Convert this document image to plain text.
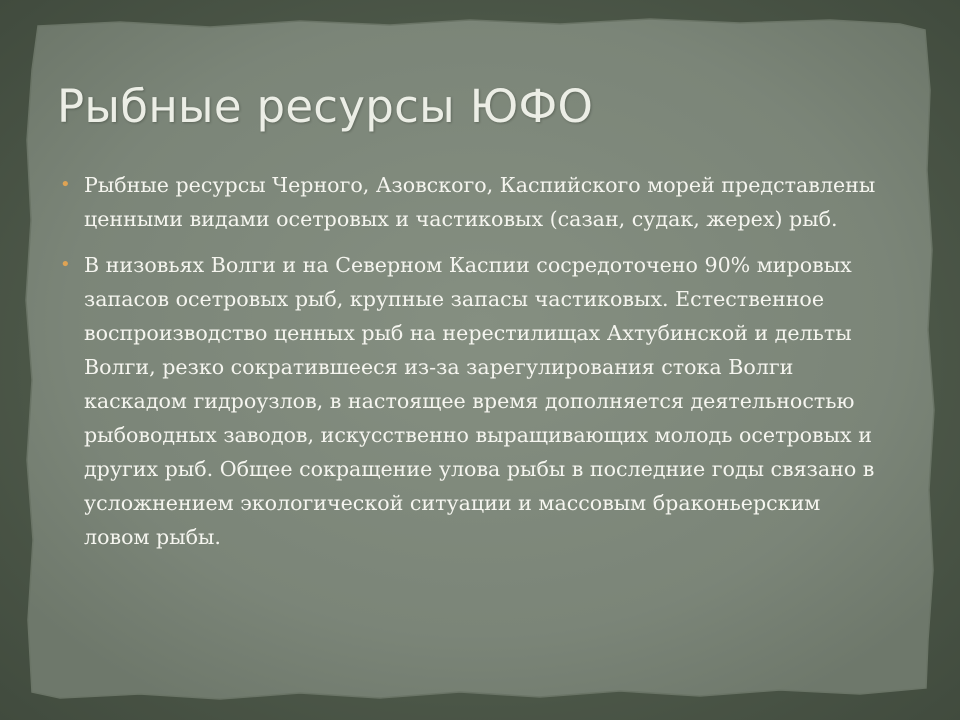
Рыбные ресурсы ЮФО
• Рыбные ресурсы Черного, Азовского, Каспийского морей представлены ценными видами осетровых и частиковых (сазан, судак, жерех) рыб.
• В низовьях Волги и на Северном Каспии сосредоточено 90% мировых запасов осетровых рыб, крупные запасы частиковых. Естественное воспроизводство ценных рыб на нерестилищах Ахтубинской и дельты Волги, резко сократившееся из-за зарегулирования стока Волги каскадом гидроузлов, в настоящее время дополняется деятельностью рыбоводных заводов, искусственно выращивающих молодь осетровых и других рыб. Общее сокращение улова рыбы в последние годы связано в усложнением экологической ситуации и массовым браконьерским ловом рыбы.
